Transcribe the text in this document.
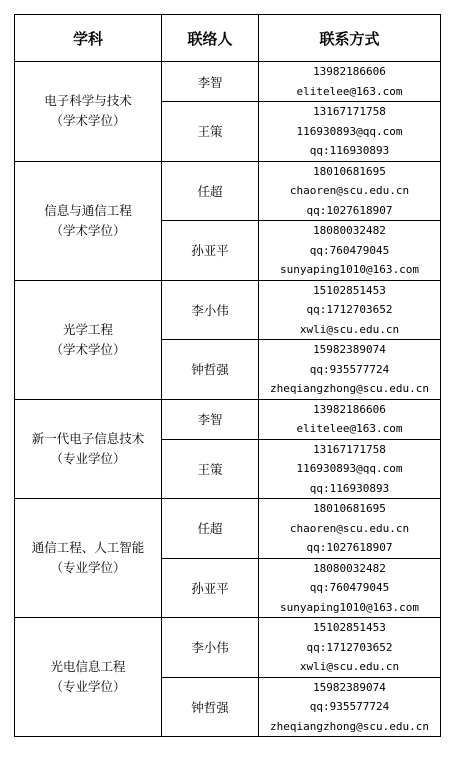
学科	联络人	联系方式

电子科学与技术
（学术学位）	李智	13982186606
elitelee@163.com

	王策	13167171758
116930893@qq.com
qq:116930893

信息与通信工程
（学术学位）	任超	18010681695
chaoren@scu.edu.cn
qq:1027618907

	孙亚平	18080032482
qq:760479045
sunyaping1010@163.com

光学工程
（学术学位）	李小伟	15102851453
qq:1712703652
xwli@scu.edu.cn

	钟哲强	15982389074
qq:935577724
zheqiangzhong@scu.edu.cn

新一代电子信息技术
（专业学位）	李智	13982186606
elitelee@163.com

	王策	13167171758
116930893@qq.com
qq:116930893

通信工程、人工智能
（专业学位）	任超	18010681695
chaoren@scu.edu.cn
qq:1027618907

	孙亚平	18080032482
qq:760479045
sunyaping1010@163.com

光电信息工程
（专业学位）	李小伟	15102851453
qq:1712703652
xwli@scu.edu.cn

	钟哲强	15982389074
qq:935577724
zheqiangzhong@scu.edu.cn
